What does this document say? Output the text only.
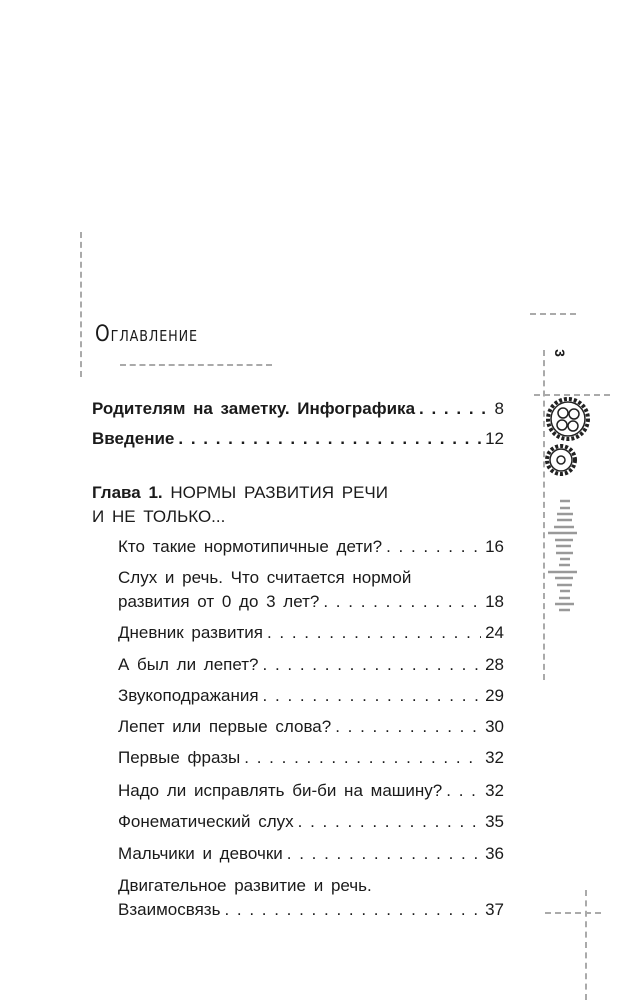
Оглавление
3
Родителям на заметку. Инфографика . . .	8
Введение . . .	12
Глава 1. НОРМЫ РАЗВИТИЯ РЕЧИ
И НЕ ТОЛЬКО...
Кто такие нормотипичные дети? . . .	16
Слух и речь. Что считается нормой
развития от 0 до 3 лет? . . .	18
Дневник развития . . .	24
А был ли лепет? . . .	28
Звукоподражания . . .	29
Лепет или первые слова? . . .	30
Первые фразы . . .	32
Надо ли исправлять би-би на машину? . . .	32
Фонематический слух . . .	35
Мальчики и девочки . . .	36
Двигательное развитие и речь.
Взаимосвязь . . .	37
